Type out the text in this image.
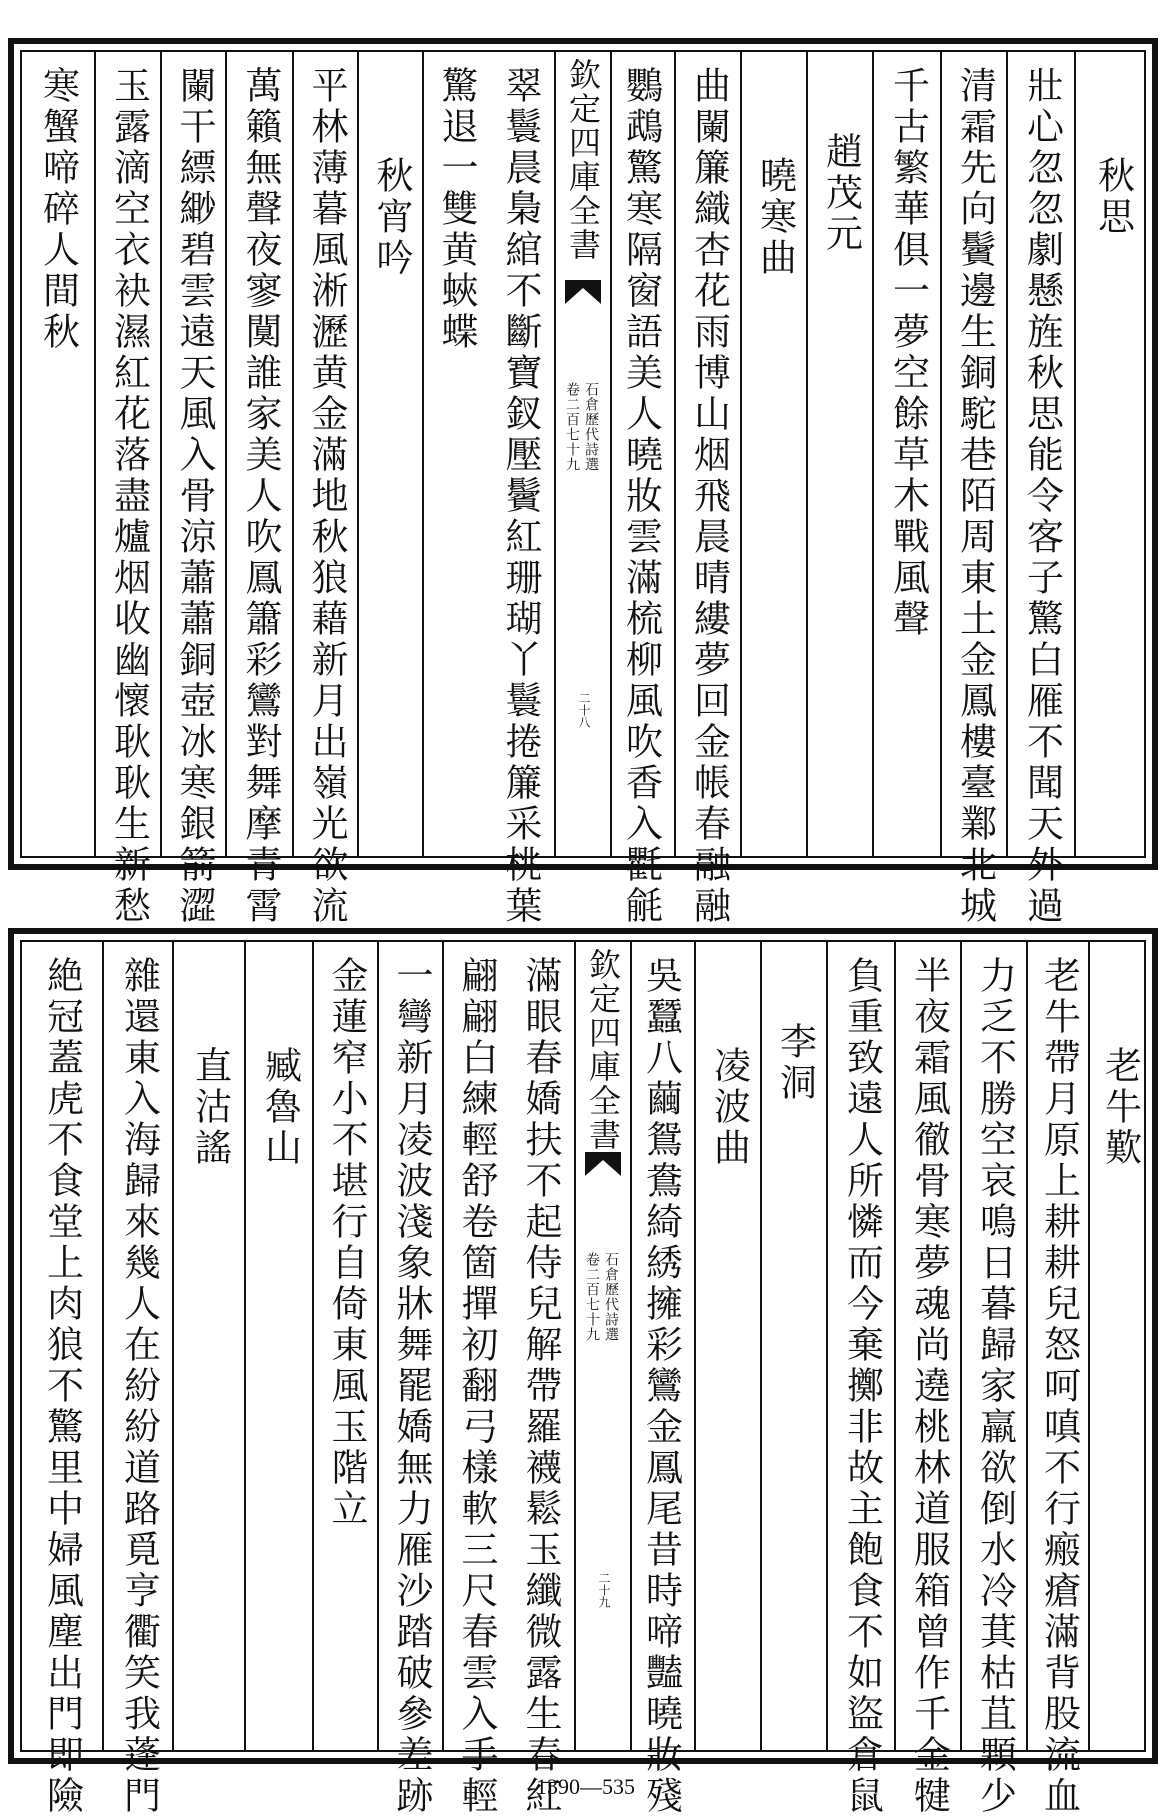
翠鬟晨梟綰不斷寶釵壓鬢紅珊瑚丫鬟捲簾采桃葉
驚退一雙黄蛺蝶
秋宵吟
平林薄暮風淅瀝黄金滿地秋狼藉新月出嶺光欲流
萬籟無聲夜寥闃誰家美人吹鳳簫彩鸞對舞摩青霄
闌干縹緲碧雲遠天風入骨涼蕭蕭銅壺冰寒銀箭澀
玉露滴空衣袂濕紅花落盡爐烟收幽懷耿耿生新愁
寒蟹啼碎人間秋	欽定四庫全書
石倉歷代詩選
卷二百七十九
二十八 鸚鵡驚寒隔窗語美人曉妝雲滿梳柳風吹香入氍毹 曲闌簾織杏花雨博山烟飛晨晴縷夢回金帳春融融 曉寒曲 趙茂元 千古繁華俱一夢空餘草木戰風聲 清霜先向鬢邊生銅駝巷陌周東土金鳳樓臺鄴北城 壯心忽忽劇懸旌秋思能令客子驚白雁不聞天外過 秋思
滿眼春嬌扶不起侍兒解帶羅襪鬆玉纖微露生春紅
翩翩白練輕舒卷箇撣初翻弓樣軟三尺春雲入手輕
一彎新月凌波淺象牀舞罷嬌無力雁沙踏破參差跡
金蓮窄小不堪行自倚東風玉階立
臧魯山
直沽謠
雜還東入海歸來幾人在紛紛道路覓亨衢笑我蓬門
絶冠蓋虎不食堂上肉狼不驚里中婦風塵出門即險	欽定四庫全書
石倉歷代詩選
卷二百七十九
二十九 吳蠶八繭鴛鴦綺綉擁彩鸞金鳳尾昔時啼豔曉妝殘 凌波曲 李洞 負重致遠人所憐而今棄擲非故主飽食不如盜倉鼠 半夜霜風徹骨寒夢魂尚遶桃林道服箱曾作千金犍 力乏不勝空哀鳴日暮歸家羸欲倒水冷萁枯苴顆少 老牛帶月原上耕耕兒怒呵嗔不行瘢瘡滿背股流血 老牛歎
1390—535
